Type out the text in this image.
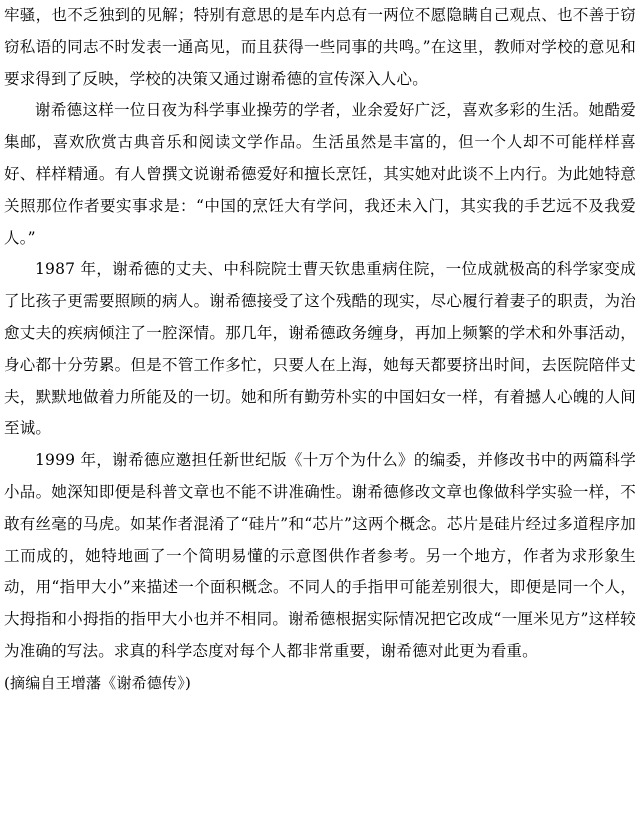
牢骚，也不乏独到的见解；特别有意思的是车内总有一两位不愿隐瞒自己观点、也不善于窃窃私语的同志不时发表一通高见，而且获得一些同事的共鸣。”在这里，教师对学校的意见和要求得到了反映，学校的决策又通过谢希德的宣传深入人心。

谢希德这样一位日夜为科学事业操劳的学者，业余爱好广泛，喜欢多彩的生活。她酷爱集邮，喜欢欣赏古典音乐和阅读文学作品。生活虽然是丰富的，但一个人却不可能样样喜好、样样精通。有人曾撰文说谢希德爱好和擅长烹饪，其实她对此谈不上内行。为此她特意关照那位作者要实事求是：“中国的烹饪大有学问，我还未入门，其实我的手艺远不及我爱人。”

1987 年，谢希德的丈夫、中科院院士曹天钦患重病住院，一位成就极高的科学家变成了比孩子更需要照顾的病人。谢希德接受了这个残酷的现实，尽心履行着妻子的职责，为治愈丈夫的疾病倾注了一腔深情。那几年，谢希德政务缠身，再加上频繁的学术和外事活动，身心都十分劳累。但是不管工作多忙，只要人在上海，她每天都要挤出时间，去医院陪伴丈夫，默默地做着力所能及的一切。她和所有勤劳朴实的中国妇女一样，有着撼人心魄的人间至诚。

1999 年，谢希德应邀担任新世纪版《十万个为什么》的编委，并修改书中的两篇科学小品。她深知即便是科普文章也不能不讲准确性。谢希德修改文章也像做科学实验一样，不敢有丝毫的马虎。如某作者混淆了“硅片”和“芯片”这两个概念。芯片是硅片经过多道程序加工而成的，她特地画了一个简明易懂的示意图供作者参考。另一个地方，作者为求形象生动，用“指甲大小”来描述一个面积概念。不同人的手指甲可能差别很大，即便是同一个人，大拇指和小拇指的指甲大小也并不相同。谢希德根据实际情况把它改成“一厘米见方”这样较为准确的写法。求真的科学态度对每个人都非常重要，谢希德对此更为看重。

(摘编自王增藩《谢希德传》)
